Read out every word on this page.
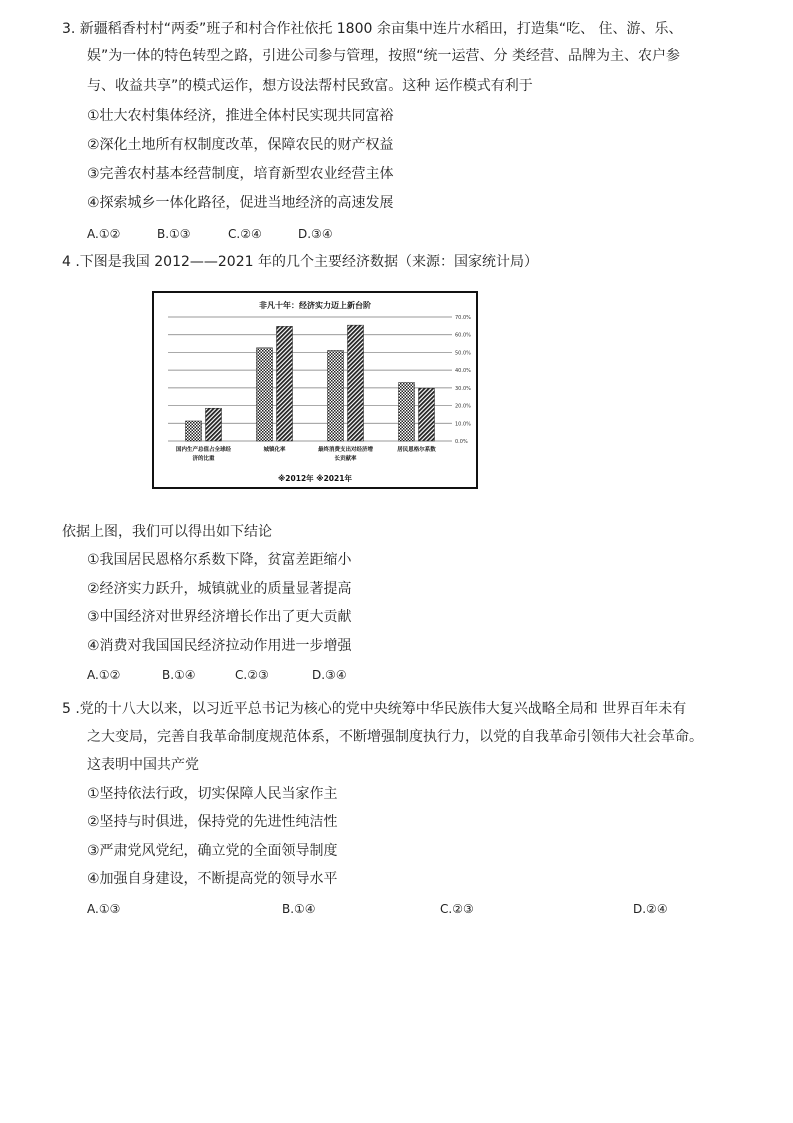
3. 新疆稻香村村“两委”班子和村合作社依托 1800 余亩集中连片水稻田，打造集“吃、 住、游、乐、
娱”为一体的特色转型之路，引进公司参与管理，按照“统一运营、分 类经营、品牌为主、农户参
与、收益共享”的模式运作，想方设法帮村民致富。这种 运作模式有利于
①壮大农村集体经济，推进全体村民实现共同富裕
②深化土地所有权制度改革，保障农民的财产权益
③完善农村基本经营制度，培育新型农业经营主体
④探索城乡一体化路径，促进当地经济的高速发展
A.①②	B.①③	C.②④	D.③④
4 .下图是我国 2012——2021 年的几个主要经济数据（来源：国家统计局）
非凡十年：经济实力迈上新台阶
70.0%
60.0%
50.0%
40.0%
30.0%
20.0%
10.0%
0.0%
国内生产总值占全球经
济的比重
城镇化率	最终消费支出对经济增
长贡献率
居民恩格尔系数
※2012年 ※2021年
依据上图，我们可以得出如下结论
①我国居民恩格尔系数下降，贫富差距缩小
②经济实力跃升，城镇就业的质量显著提高
③中国经济对世界经济增长作出了更大贡献
④消费对我国国民经济拉动作用进一步增强
A.①②	B.①④	C.②③	D.③④
5 .党的十八大以来，以习近平总书记为核心的党中央统筹中华民族伟大复兴战略全局和 世界百年未有
之大变局，完善自我革命制度规范体系，不断增强制度执行力，以党的自我革命引领伟大社会革命。
这表明中国共产党
①坚持依法行政，切实保障人民当家作主
②坚持与时俱进，保持党的先进性纯洁性
③严肃党风党纪，确立党的全面领导制度
④加强自身建设，不断提高党的领导水平
A.①③	B.①④	C.②③	D.②④
